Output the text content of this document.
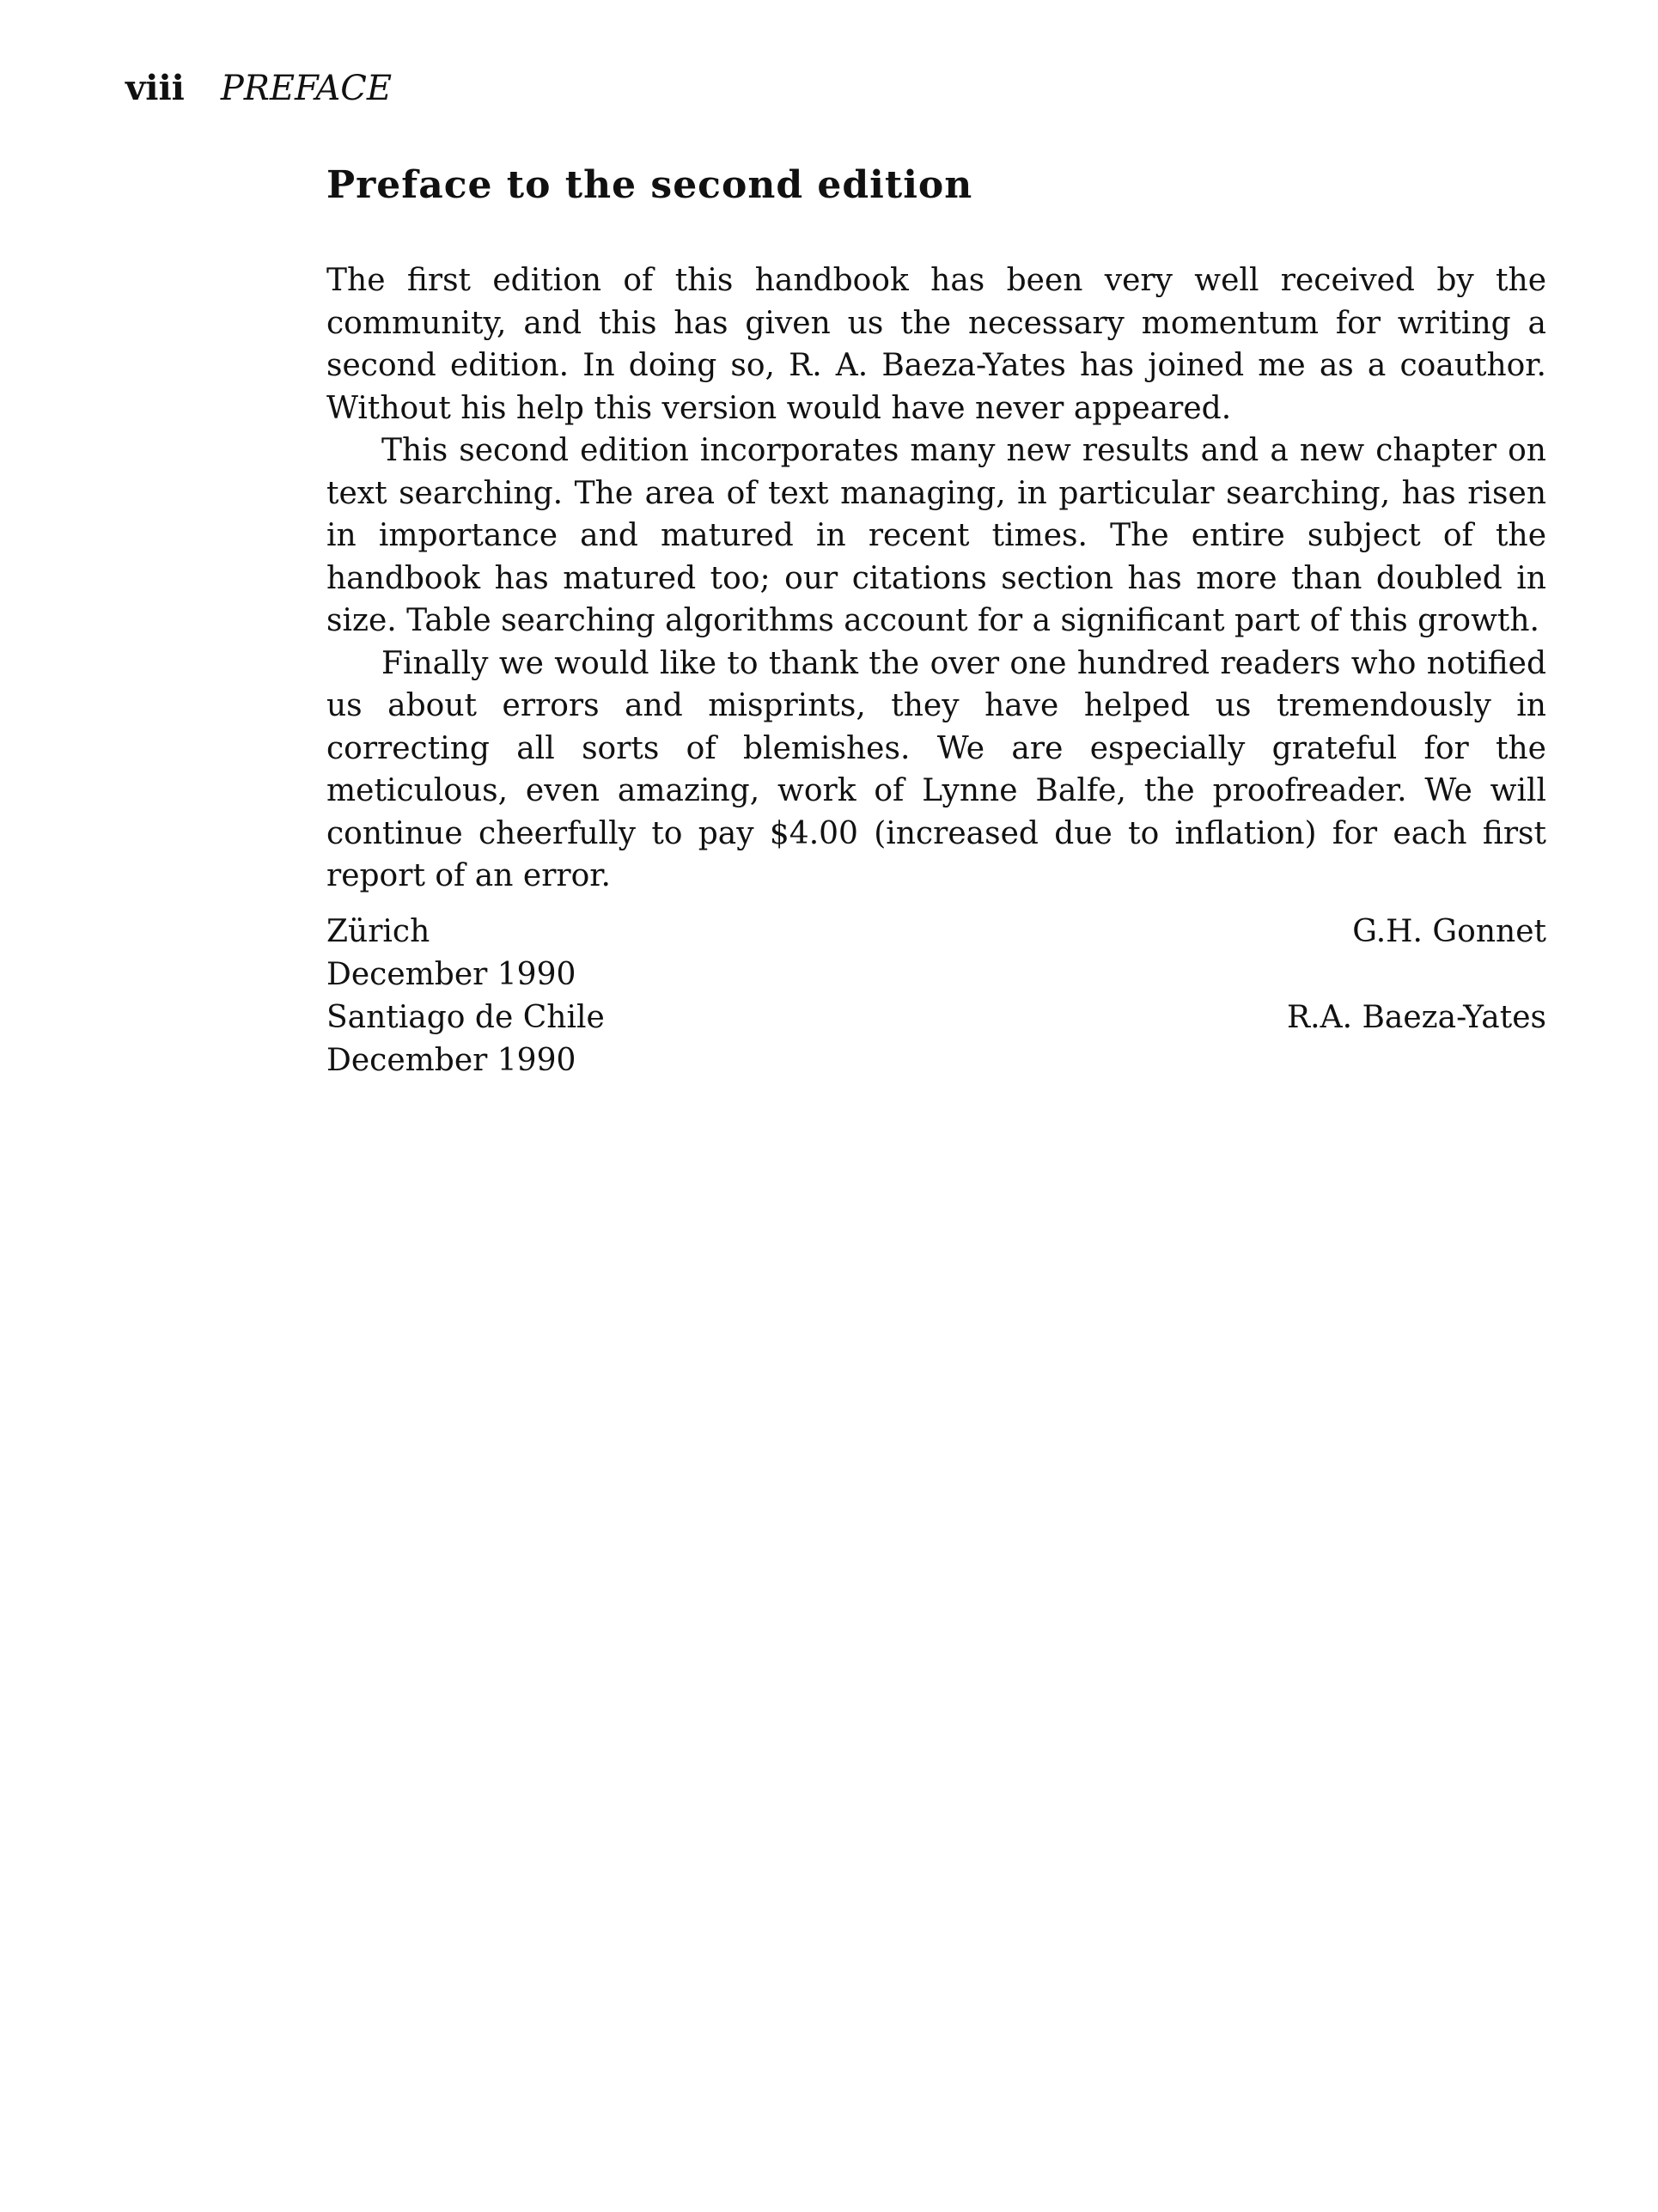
viii PREFACE
Preface to the second edition

The first edition of this handbook has been very well received by the community, and this has given us the necessary momentum for writing a second edition. In doing so, R. A. Baeza-Yates has joined me as a coauthor. Without his help this version would have never appeared.

This second edition incorporates many new results and a new chapter on text searching. The area of text managing, in particular searching, has risen in importance and matured in recent times. The entire subject of the handbook has matured too; our citations section has more than doubled in size. Table searching algorithms account for a significant part of this growth.

Finally we would like to thank the over one hundred readers who notified us about errors and misprints, they have helped us tremendously in correcting all sorts of blemishes. We are especially grateful for the meticulous, even amazing, work of Lynne Balfe, the proofreader. We will continue cheerfully to pay $4.00 (increased due to inflation) for each first report of an error.

Zürich
December 1990
G.H. Gonnet
Santiago de Chile
December 1990
R.A. Baeza-Yates
